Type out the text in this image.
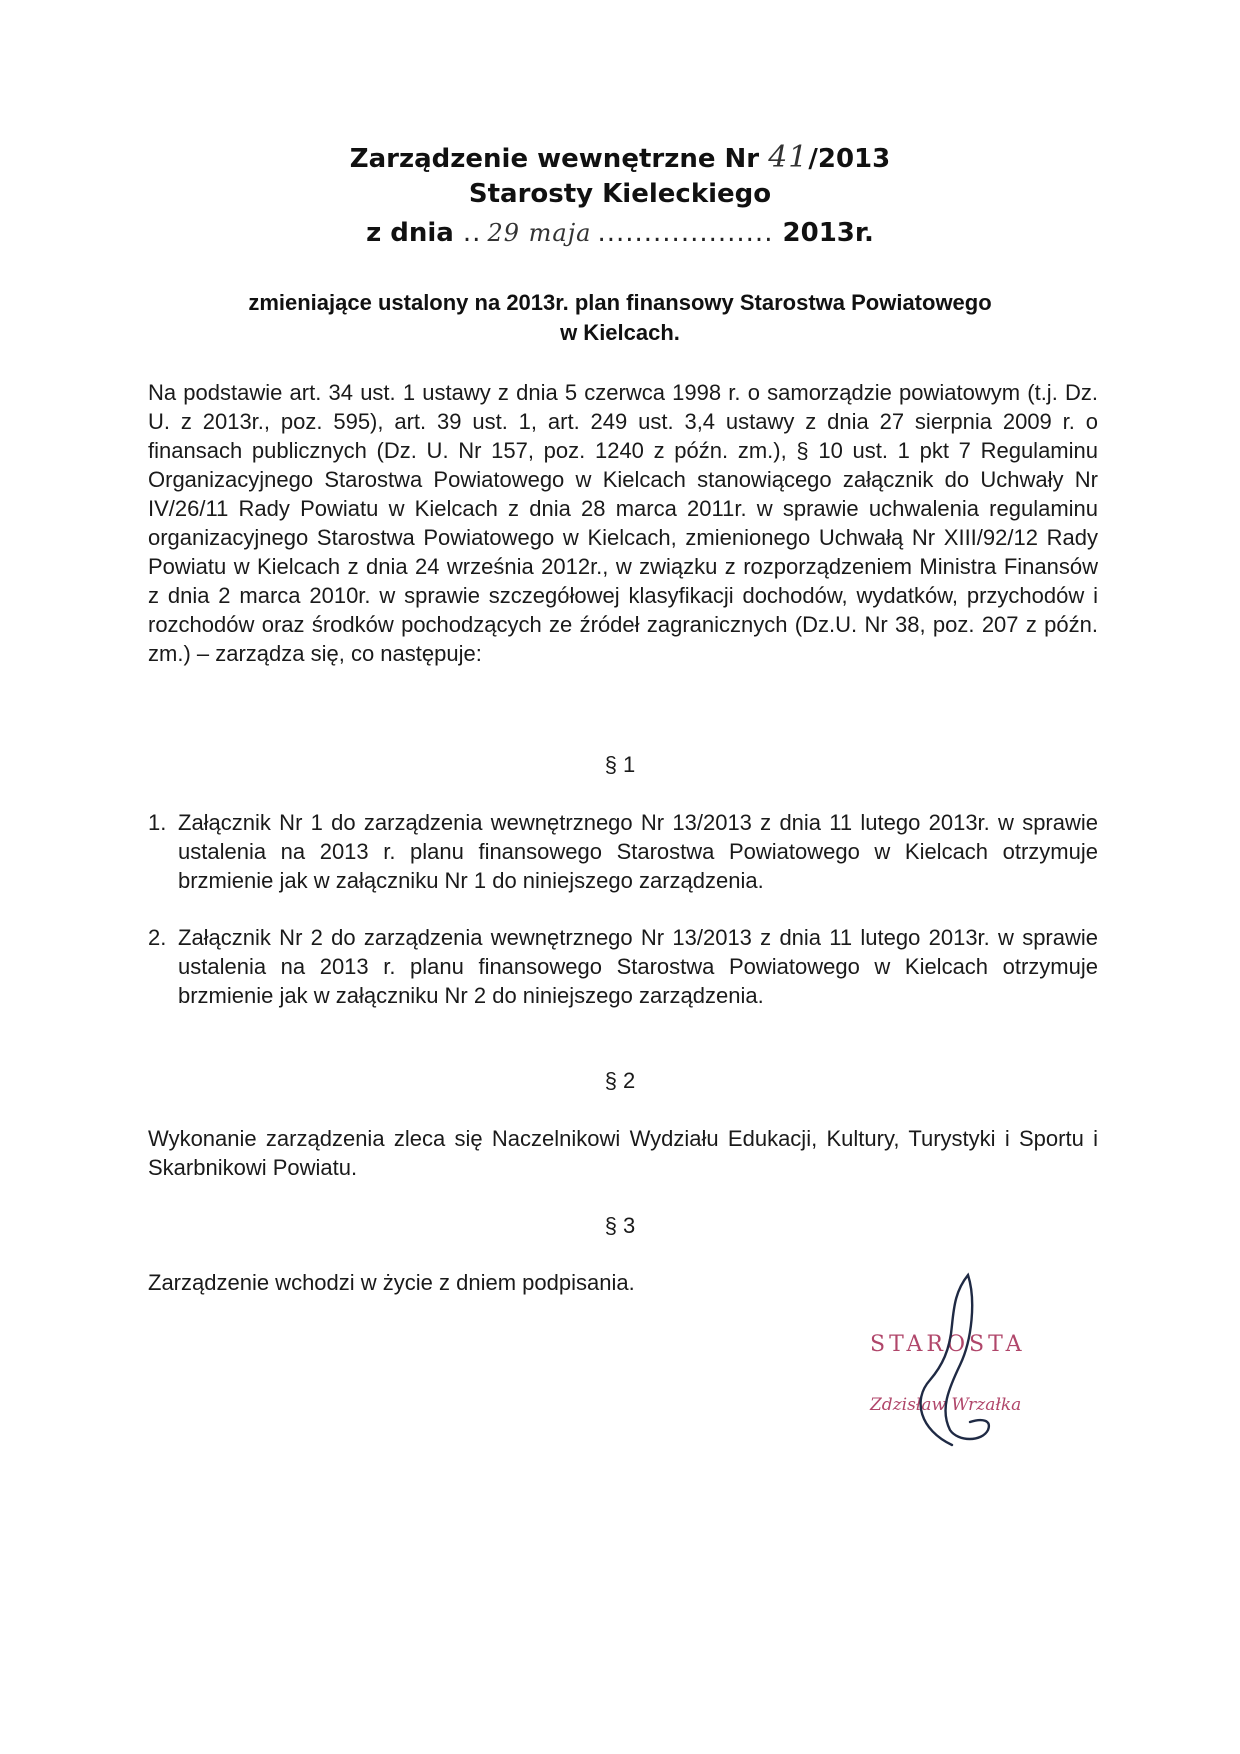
Zarządzenie wewnętrzne Nr 41/2013
Starosty Kieleckiego
z dnia .. 29 maja ................... 2013r.
zmieniające ustalony na 2013r. plan finansowy Starostwa Powiatowego
w Kielcach.
Na podstawie art. 34 ust. 1 ustawy z dnia 5 czerwca 1998 r. o samorządzie powiatowym (t.j. Dz. U. z 2013r., poz. 595), art. 39 ust. 1, art. 249 ust. 3,4 ustawy z dnia 27 sierpnia 2009 r. o finansach publicznych (Dz. U. Nr 157, poz. 1240 z późn. zm.), § 10 ust. 1 pkt 7 Regulaminu Organizacyjnego Starostwa Powiatowego w Kielcach stanowiącego załącznik do Uchwały Nr IV/26/11 Rady Powiatu w Kielcach z dnia 28 marca 2011r. w sprawie uchwalenia regulaminu organizacyjnego Starostwa Powiatowego w Kielcach, zmienionego Uchwałą Nr XIII/92/12 Rady Powiatu w Kielcach z dnia 24 września 2012r., w związku z rozporządzeniem Ministra Finansów z dnia 2 marca 2010r. w sprawie szczegółowej klasyfikacji dochodów, wydatków, przychodów i rozchodów oraz środków pochodzących ze źródeł zagranicznych (Dz.U. Nr 38, poz. 207 z późn. zm.) – zarządza się, co następuje:
§ 1
1. Załącznik Nr 1 do zarządzenia wewnętrznego Nr 13/2013 z dnia 11 lutego 2013r. w sprawie ustalenia na 2013 r. planu finansowego Starostwa Powiatowego w Kielcach otrzymuje brzmienie jak w załączniku Nr 1 do niniejszego zarządzenia.
2. Załącznik Nr 2 do zarządzenia wewnętrznego Nr 13/2013 z dnia 11 lutego 2013r. w sprawie ustalenia na 2013 r. planu finansowego Starostwa Powiatowego w Kielcach otrzymuje brzmienie jak w załączniku Nr 2 do niniejszego zarządzenia.
§ 2
Wykonanie zarządzenia zleca się Naczelnikowi Wydziału Edukacji, Kultury, Turystyki i Sportu i Skarbnikowi Powiatu.
§ 3
Zarządzenie wchodzi w życie z dniem podpisania.
STAROSTA
Zdzisław Wrzałka
